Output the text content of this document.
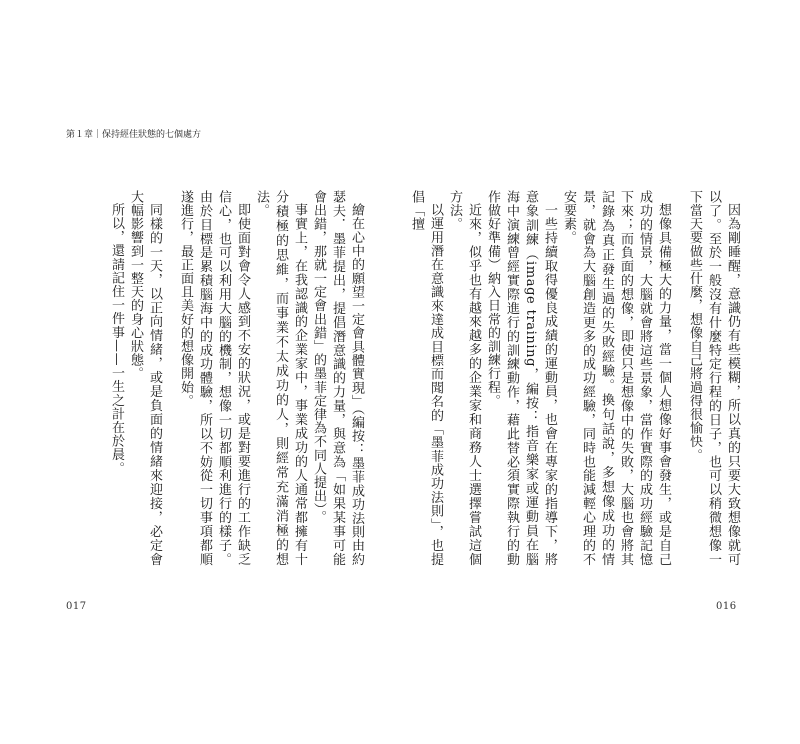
第１章｜保持經佳狀態的七個處方

因為剛睡醒，意識仍有些模糊，所以真的只要大致想像就可以了。至於一般沒有什麼特定行程的日子，也可以稍微想像一下當天要做些什麼，想像自己將過得很愉快。

想像具備極大的力量，當一個人想像好事會發生，或是自己成功的情景，大腦就會將這些景象，當作實際的成功經驗記憶下來；而負面的想像，即使只是想像中的失敗，大腦也會將其記錄為真正發生過的失敗經驗。換句話說，多想像成功的情景，就會為大腦創造更多的成功經驗，同時也能減輕心理的不安要素。

一些持續取得優良成績的運動員，也會在專家的指導下，將意象訓練（image training，編按：指音樂家或運動員在腦海中演練曾經實際進行的訓練動作，藉此替必須實際執行的動作做好準備）納入日常的訓練行程。

近來，似乎也有越來越多的企業家和商務人士選擇嘗試這個方法。

以運用潛在意識來達成目標而聞名的「墨菲成功法則」，也提倡「擅

016

繪在心中的願望一定會具體實現」（編按：墨菲成功法則由約瑟夫．墨菲提出，提倡潛意識的力量，與意為「如果某事可能會出錯，那就一定會出錯」的墨菲定律為不同人提出）。

事實上，在我認識的企業家中，事業成功的人通常都擁有十分積極的思維，而事業不太成功的人，則經常充滿消極的想法。

即使面對會令人感到不安的狀況，或是對要進行的工作缺乏信心，也可以利用大腦的機制，想像一切都順利進行的樣子。由於目標是累積腦海中的成功體驗，所以不妨從一切事項都順遂進行，最正面且美好的想像開始。

同樣的一天，以正向情緒，或是負面的情緒來迎接，必定會大幅影響到一整天的身心狀態。

所以，還請記住一件事——一生之計在於晨。

017
